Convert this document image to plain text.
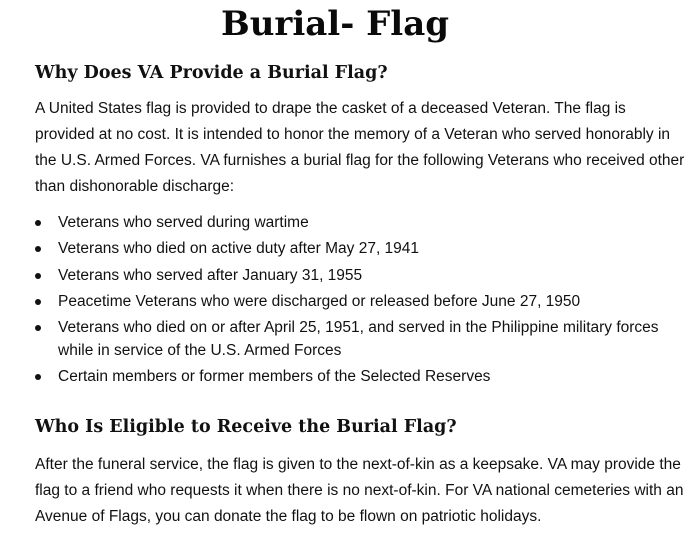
Burial- Flag
Why Does VA Provide a Burial Flag?

A United States flag is provided to drape the casket of a deceased Veteran. The flag is provided at no cost. It is intended to honor the memory of a Veteran who served honorably in the U.S. Armed Forces. VA furnishes a burial flag for the following Veterans who received other than dishonorable discharge:

Veterans who served during wartime
Veterans who died on active duty after May 27, 1941
Veterans who served after January 31, 1955
Peacetime Veterans who were discharged or released before June 27, 1950
Veterans who died on or after April 25, 1951, and served in the Philippine military forces while in service of the U.S. Armed Forces
Certain members or former members of the Selected Reserves
Who Is Eligible to Receive the Burial Flag?

After the funeral service, the flag is given to the next-of-kin as a keepsake. VA may provide the flag to a friend who requests it when there is no next-of-kin. For VA national cemeteries with an Avenue of Flags, you can donate the flag to be flown on patriotic holidays.
